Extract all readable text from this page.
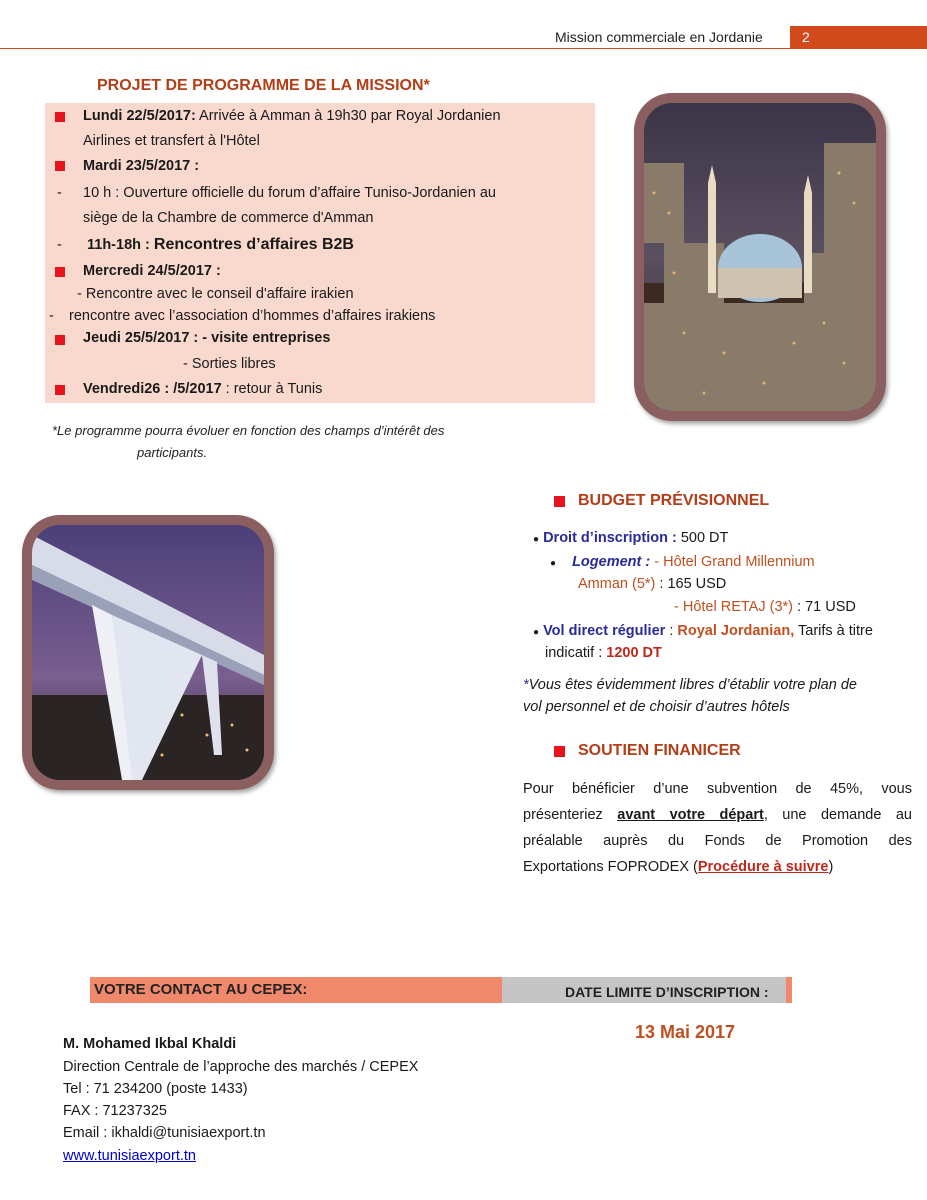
Mission commerciale en Jordanie	2
PROJET DE PROGRAMME DE LA MISSION*
Lundi 22/5/2017: Arrivée à Amman à 19h30 par Royal Jordanien
Airlines et transfert à l'Hôtel
Mardi 23/5/2017 :
- 10 h : Ouverture officielle du forum d’affaire Tuniso-Jordanien au
siège de la Chambre de commerce d'Amman
- 11h-18h : Rencontres d’affaires B2B
Mercredi 24/5/2017 :
- Rencontre avec le conseil d'affaire irakien
- rencontre avec l’association d’hommes d’affaires irakiens
Jeudi 25/5/2017 : - visite entreprises
- Sorties libres
Vendredi26 : /5/2017 : retour à Tunis
*Le programme pourra évoluer en fonction des champs d’intérêt des
participants.
BUDGET PRÉVISIONNEL
● Droit d’inscription : 500 DT
● Logement : - Hôtel Grand Millennium
Amman (5*) : 165 USD
- Hôtel RETAJ (3*) : 71 USD
● Vol direct régulier : Royal Jordanian, Tarifs à titre
indicatif : 1200 DT
*Vous êtes évidemment libres d’établir votre plan de
vol personnel et de choisir d’autres hôtels
SOUTIEN FINANICER
Pour bénéficier d’une subvention de 45%, vous
présenteriez avant votre départ, une demande au
préalable auprès du Fonds de Promotion des
Exportations FOPRODEX (Procédure à suivre)
VOTRE CONTACT AU CEPEX:	DATE LIMITE D’INSCRIPTION :
13 Mai 2017
M. Mohamed Ikbal Khaldi
Direction Centrale de l’approche des marchés / CEPEX
Tel : 71 234200 (poste 1433)
FAX : 71237325
Email : ikhaldi@tunisiaexport.tn
www.tunisiaexport.tn
